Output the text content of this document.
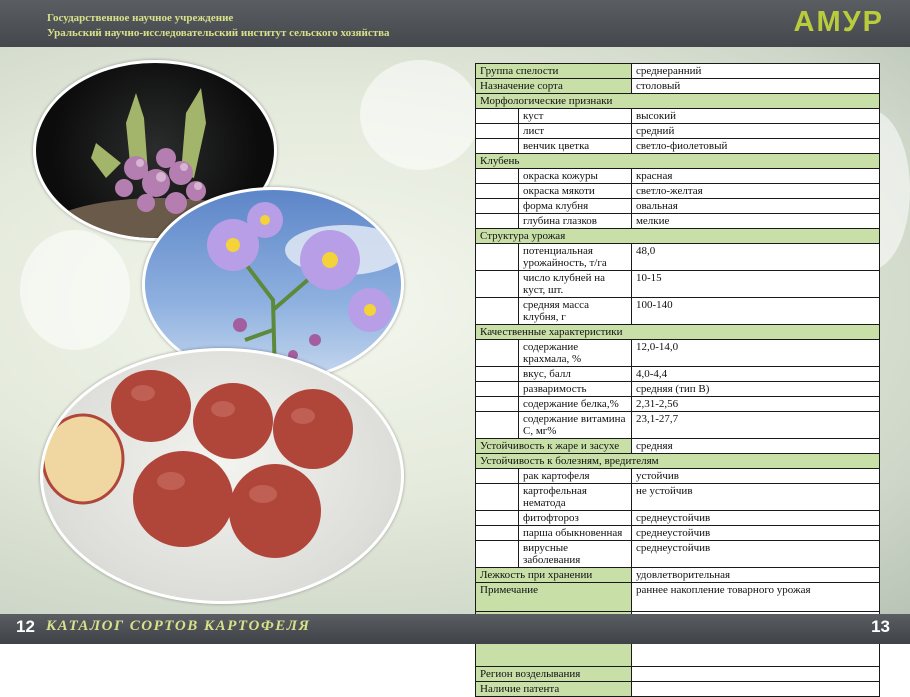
Государственное научное учреждение
Уральский научно-исследовательский институт сельского хозяйства	АМУР
Группа спелости		среднеранний
Назначение сорта		столовый
Морфологические признаки		
	куст	высокий
	лист	средний
	венчик цветка	светло-фиолетовый
Клубень		
	окраска кожуры	красная
	окраска мякоти	светло-желтая
	форма клубня	овальная
	глубина глазков	мелкие
Структура урожая		
	потенциальная урожайность, т/га	48,0
	число клубней на куст, шт.	10-15
	средняя масса клубня, г	100-140
Качественные характеристики		
	содержание крахмала, %	12,0-14,0
	вкус, балл	4,0-4,4
	разваримость	средняя (тип В)
	содержание белка,%	2,31-2,56
	содержание витамина С, мг%	23,1-27,7
Устойчивость к жаре и засухе		средняя
Устойчивость к болезням, вредителям		
	рак картофеля	устойчив
	картофельная нематода	не устойчив
	фитофтороз	среднеустойчив
	парша обыкновенная	среднеустойчив
	вирусные заболевания	среднеустойчив
Лежкость при хранении		удовлетворительная
Примечание		раннее накопление товарного урожая

Регион возделывания		
Наличие патента		
12 КАТАЛОГ СОРТОВ КАРТОФЕЛЯ	13
